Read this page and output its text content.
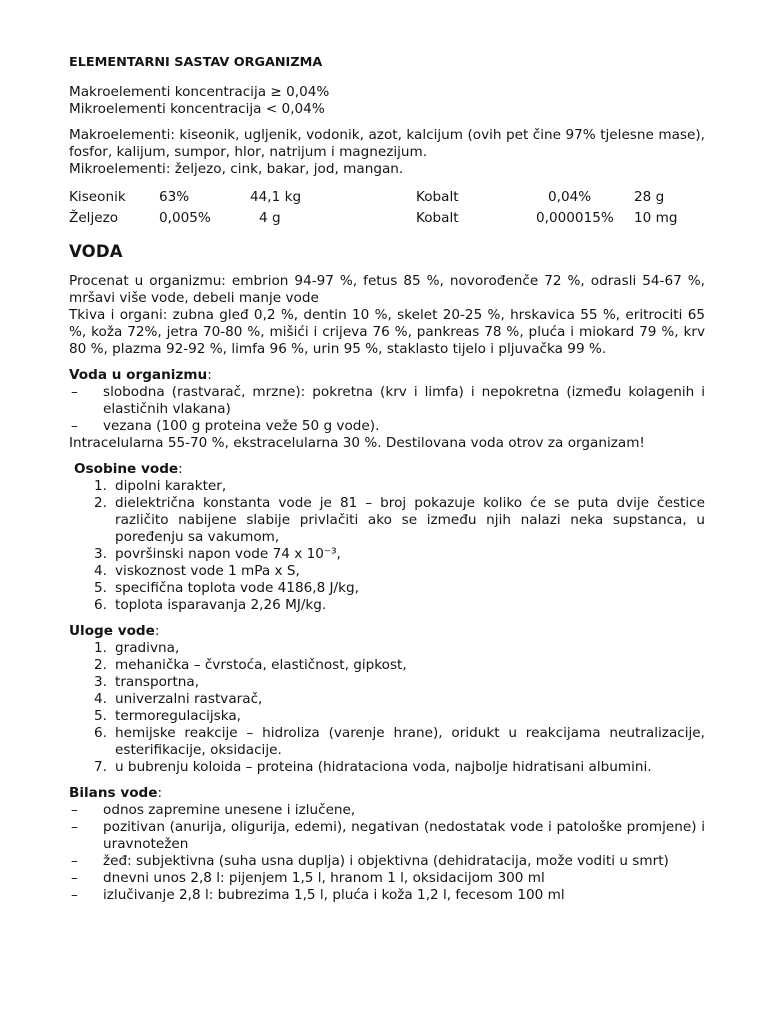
ELEMENTARNI SASTAV ORGANIZMA

Makroelementi koncentracija ≥ 0,04%

Mikroelementi koncentracija < 0,04%

Makroelementi: kiseonik, ugljenik, vodonik, azot, kalcijum (ovih pet čine 97% tjelesne mase), fosfor, kalijum, sumpor, hlor, natrijum i magnezijum.

Mikroelementi: željezo, cink, bakar, jod, mangan.

Kiseonik	63%	44,1 kg	Kobalt	0,04%	28 g
Željezo	0,005%	4 g	Kobalt	0,000015%	10 mg
VODA

Procenat u organizmu: embrion 94-97 %, fetus 85 %, novorođenče 72 %, odrasli 54-67 %, mršavi više vode, debeli manje vode

Tkiva i organi: zubna gleđ 0,2 %, dentin 10 %, skelet 20-25 %, hrskavica 55 %, eritrociti 65 %, koža 72%, jetra 70-80 %, mišići i crijeva 76 %, pankreas 78 %, pluća i miokard 79 %, krv 80 %, plazma 92-92 %, limfa 96 %, urin 95 %, staklasto tijelo i pljuvačka 99 %.

Voda u organizmu:

– slobodna (rastvarač, mrzne): pokretna (krv i limfa) i nepokretna (između kolagenih i elastičnih vlakana)
– vezana (100 g proteina veže 50 g vode).

Intracelularna 55-70 %, ekstracelularna 30 %. Destilovana voda otrov za organizam!

Osobine vode:

1. dipolni karakter,
2. dielektrična konstanta vode je 81 – broj pokazuje koliko će se puta dvije čestice različito nabijene slabije privlačiti ako se između njih nalazi neka supstanca, u poređenju sa vakumom,
3. površinski napon vode 74 x 10⁻³,
4. viskoznost vode 1 mPa x S,
5. specifična toplota vode 4186,8 J/kg,
6. toplota isparavanja 2,26 MJ/kg.

Uloge vode:

1. gradivna,
2. mehanička – čvrstoća, elastičnost, gipkost,
3. transportna,
4. univerzalni rastvarač,
5. termoregulacijska,
6. hemijske reakcije – hidroliza (varenje hrane), oridukt u reakcijama neutralizacije, esterifikacije, oksidacije.
7. u bubrenju koloida – proteina (hidrataciona voda, najbolje hidratisani albumini.

Bilans vode:

– odnos zapremine unesene i izlučene,
– pozitivan (anurija, oligurija, edemi), negativan (nedostatak vode i patološke promjene) i uravnotežen
– žeđ: subjektivna (suha usna duplja) i objektivna (dehidratacija, može voditi u smrt)
– dnevni unos 2,8 l: pijenjem 1,5 l, hranom 1 l, oksidacijom 300 ml
– izlučivanje 2,8 l: bubrezima 1,5 l, pluća i koža 1,2 l, fecesom 100 ml
